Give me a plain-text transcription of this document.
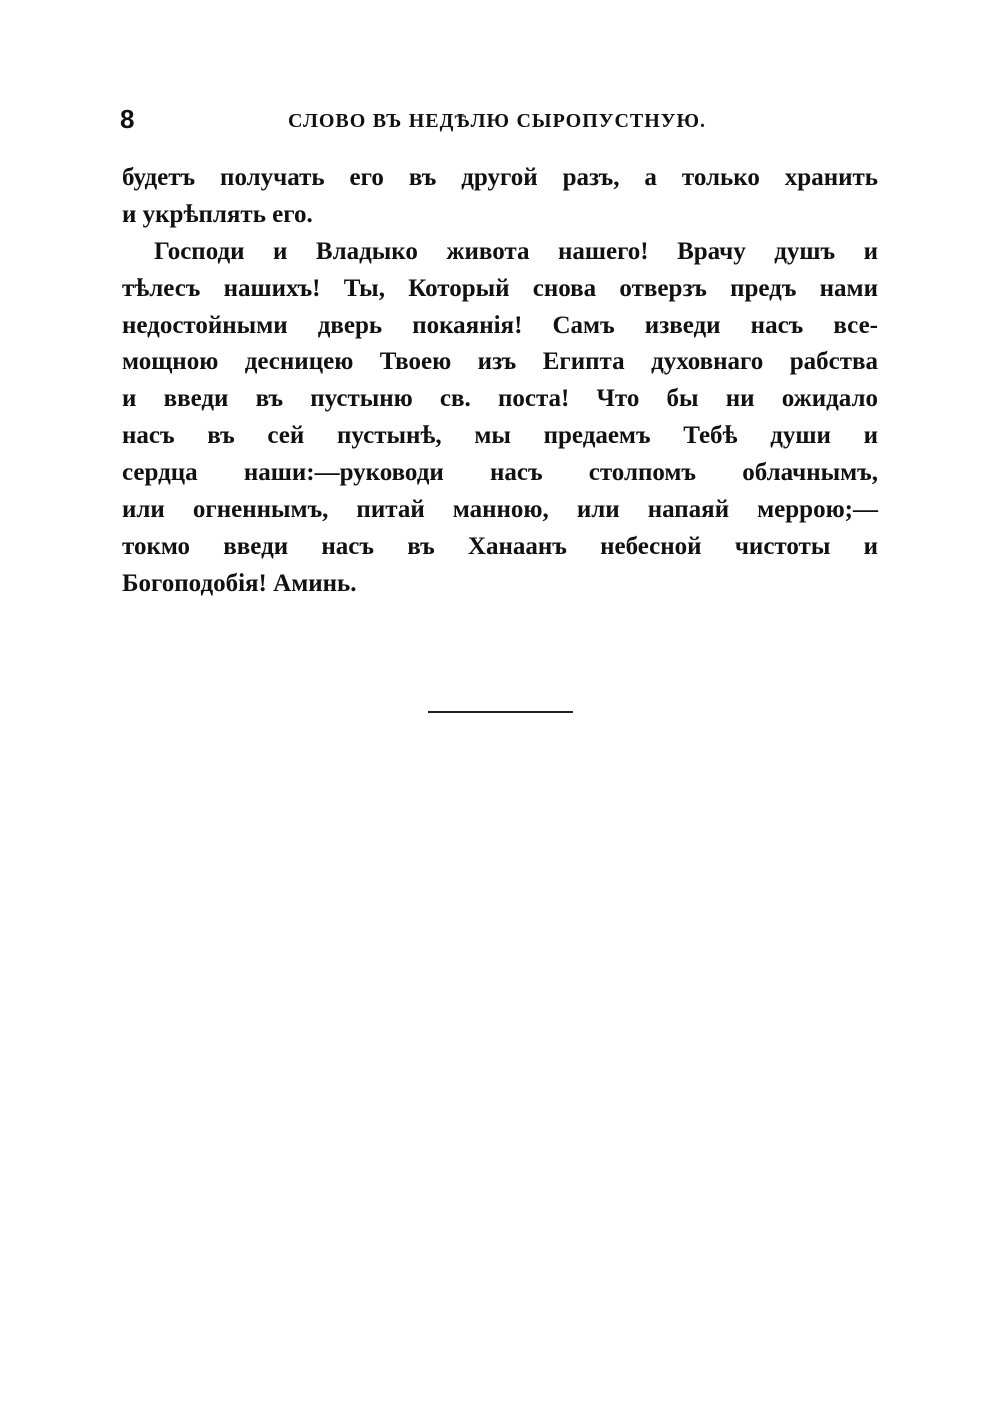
8	СЛОВО ВЪ НЕДѢЛЮ СЫРОПУСТНУЮ.
будетъ получать его въ другой разъ, а только хранить
и укрѣплять его.
Господи и Владыко живота нашего! Врачу душъ и
тѣлесъ нашихъ! Ты, Который снова отверзъ предъ нами
недостойными дверь покаянія! Самъ изведи насъ все-
мощною десницею Твоею изъ Египта духовнаго рабства
и введи въ пустыню св. поста! Что бы ни ожидало
насъ въ сей пустынѣ, мы предаемъ Тебѣ души и
сердца наши:—руководи насъ столпомъ облачнымъ,
или огненнымъ, питай манною, или напаяй меррою;—
токмо введи насъ въ Ханаанъ небесной чистоты и
Богоподобія! Аминь.
